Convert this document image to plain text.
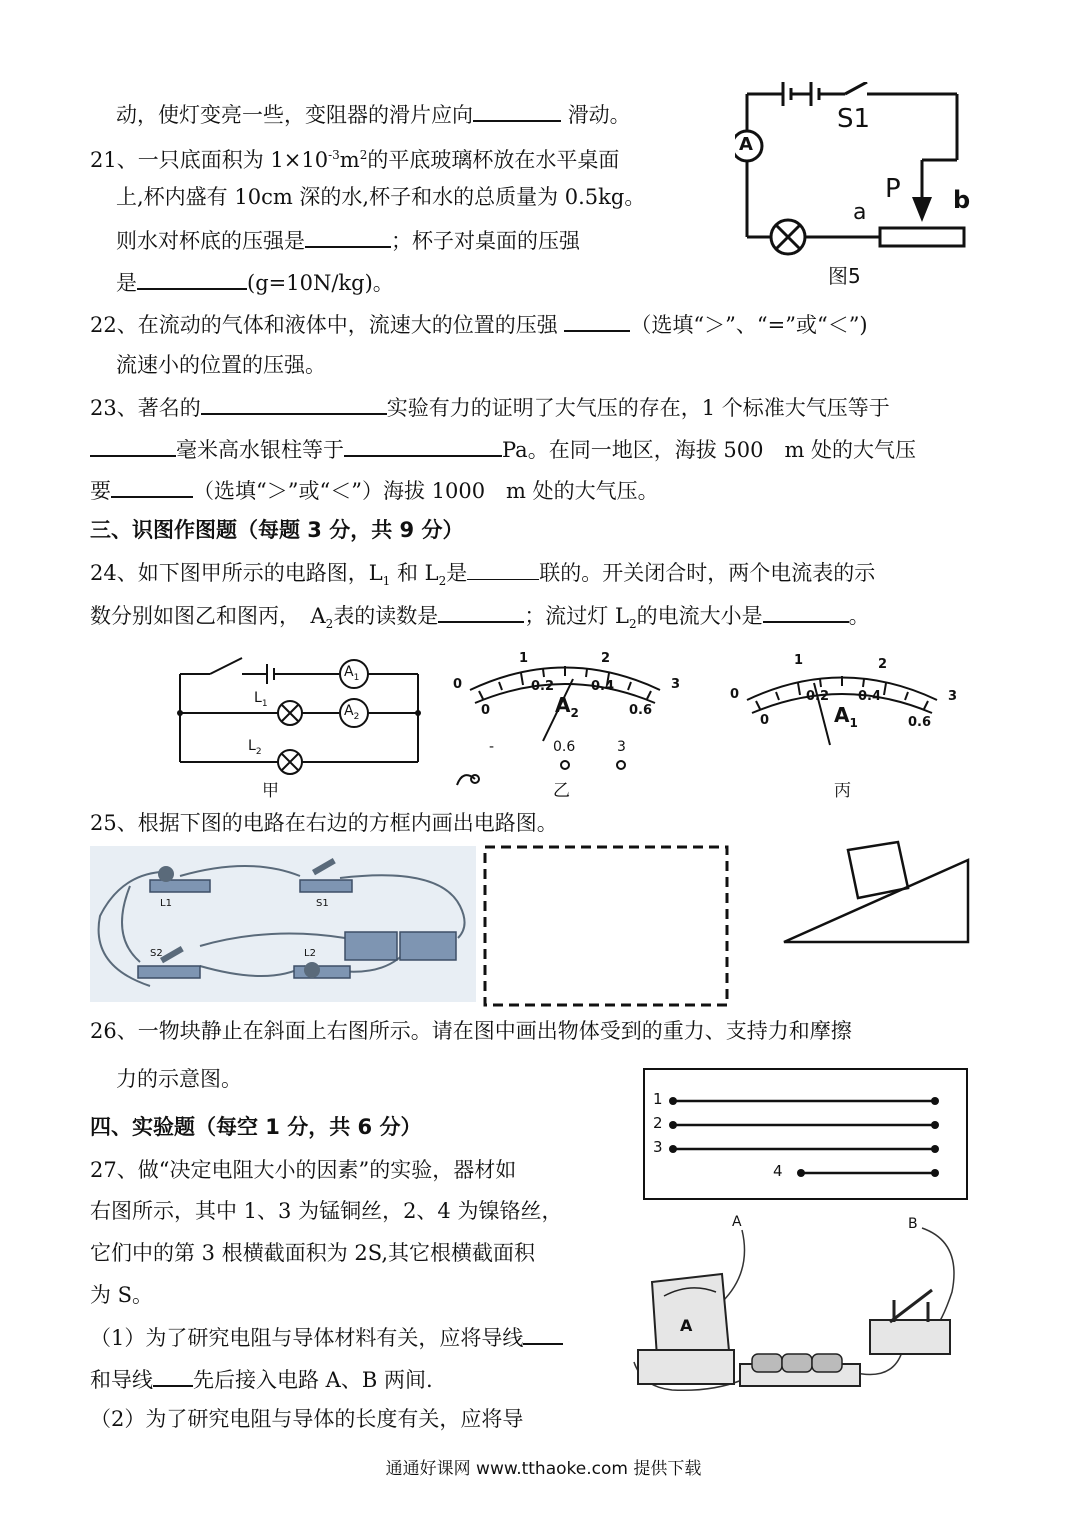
动，使灯变亮一些，变阻器的滑片应向	滑动。
21、一只底面积为 $1\times 10^{-3}m^2$的平底玻璃杯放在水平桌面
上,杯内盛有 10cm 深的水,杯子和水的总质量为 0.5kg。
则水对杯底的压强是	；杯子对桌面的压强
是	(g=10N/kg)。
A
S1
P
a	b
图5
22、在流动的气体和液体中，流速大的位置的压强	（选填“＞”、“=”或“＜”)
流速小的位置的压强。
23、著名的	实验有力的证明了大气压的存在，1 个标准大气压等于
毫米高水银柱等于	Pa。在同一地区，海拔 500　m 处的大气压
要	（选填“＞”或“＜”）海拔 1000　m 处的大气压。
三、识图作图题（每题 3 分，共 9 分）
24、如下图甲所示的电路图，$L_1$ 和 $L_2$是	联的。开关闭合时，两个电流表的示
数分别如图乙和图丙，　$A_2$表的读数是	；流过灯 $L_2$的电流大小是	。
$A_1$
$A_2$
$L_1$
$L_2$
甲
0
1	2
3
0
0.2	0.4
0.6
$A_2$
-	0.6	3
乙
0
1	2
3
0
0.2 0.4
0.6
$A_1$
丙
25、根据下图的电路在右边的方框内画出电路图。
L1	S1
S2	L2
26、一物块静止在斜面上右图所示。请在图中画出物体受到的重力、支持力和摩擦
力的示意图。
1
2
3
4
四、实验题（每空 1 分，共 6 分）
27、做“决定电阻大小的因素”的实验，器材如
右图所示，其中 1、3 为锰铜丝，2、4 为镍铬丝，
它们中的第 3 根横截面积为 2S,其它根横截面积
为 S。
（1）为了研究电阻与导体材料有关，应将导线
和导线 先后接入电路 A、B 两间.
（2）为了研究电阻与导体的长度有关，应将导
A	B
A
通通好课网 www.tthaoke.com 提供下载
